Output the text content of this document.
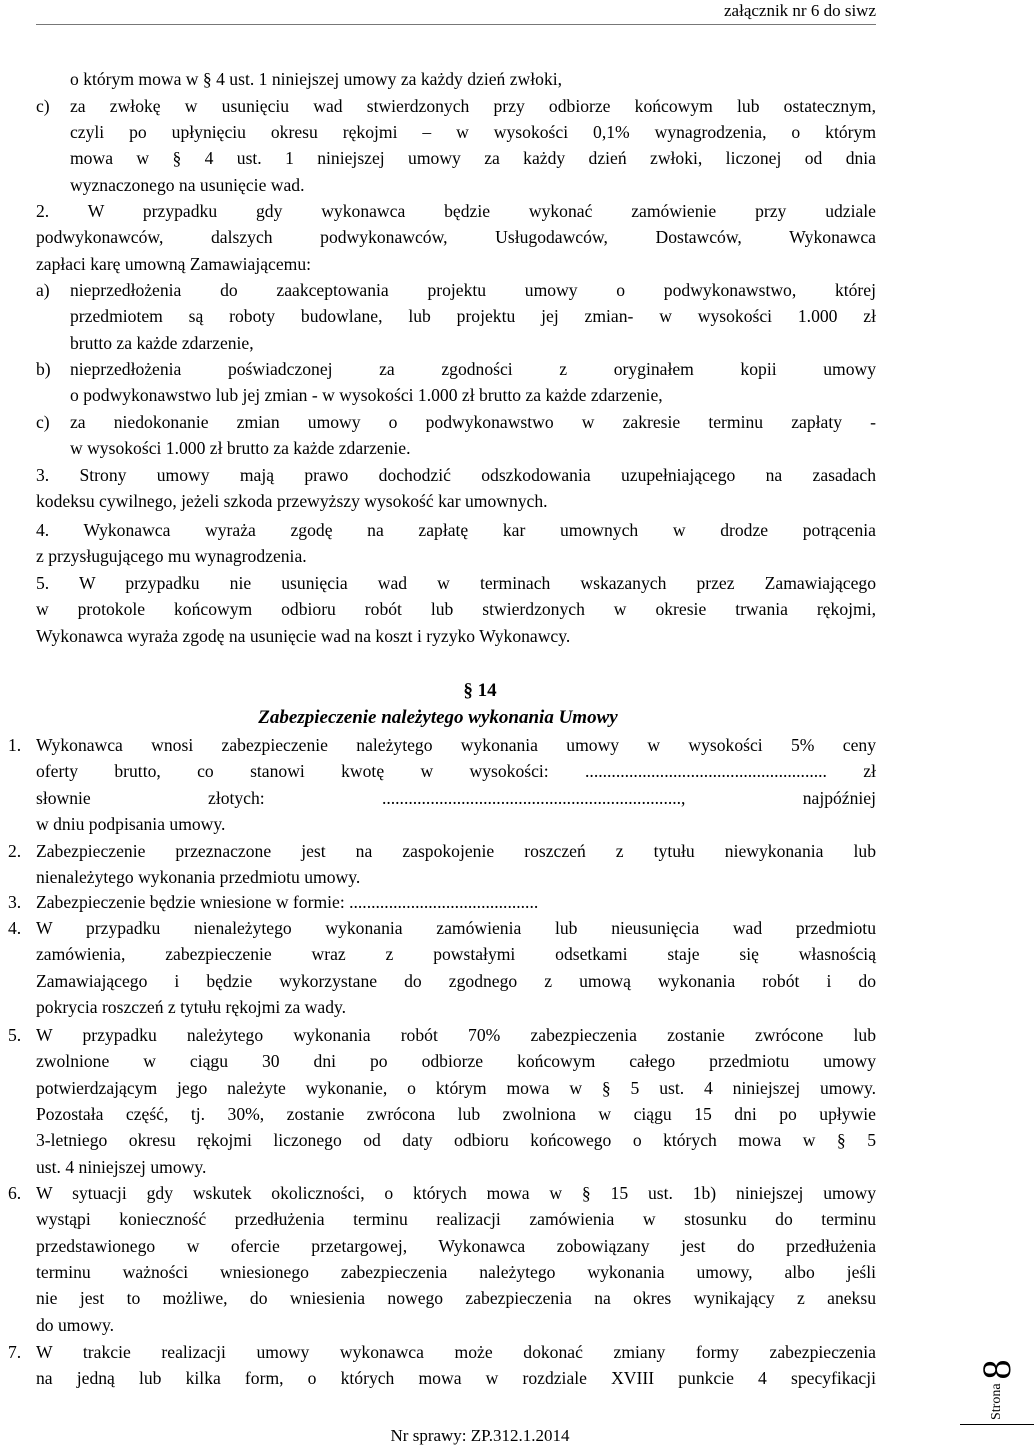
załącznik nr 6 do siwz
o którym mowa w § 4 ust. 1 niniejszej umowy za każdy dzień zwłoki,
c) za zwłokę w usunięciu wad stwierdzonych przy odbiorze końcowym lub ostatecznym,
czyli po upłynięciu okresu rękojmi – w wysokości 0,1% wynagrodzenia, o którym
mowa w § 4 ust. 1 niniejszej umowy za każdy dzień zwłoki, liczonej od dnia
wyznaczonego na usunięcie wad.
2. W przypadku gdy wykonawca będzie wykonać zamówienie przy udziale
podwykonawców, dalszych podwykonawców, Usługodawców, Dostawców, Wykonawca
zapłaci karę umowną Zamawiającemu:
a) nieprzedłożenia do zaakceptowania projektu umowy o podwykonawstwo, której
przedmiotem są roboty budowlane, lub projektu jej zmian- w wysokości 1.000 zł
brutto za każde zdarzenie,
b) nieprzedłożenia poświadczonej za zgodności z oryginałem kopii umowy
o podwykonawstwo lub jej zmian - w wysokości 1.000 zł brutto za każde zdarzenie,
c) za niedokonanie zmian umowy o podwykonawstwo w zakresie terminu zapłaty -
w wysokości 1.000 zł brutto za każde zdarzenie.
3. Strony umowy mają prawo dochodzić odszkodowania uzupełniającego na zasadach
kodeksu cywilnego, jeżeli szkoda przewyższy wysokość kar umownych.
4. Wykonawca wyraża zgodę na zapłatę kar umownych w drodze potrącenia
z przysługującego mu wynagrodzenia.
5. W przypadku nie usunięcia wad w terminach wskazanych przez Zamawiającego
w protokole końcowym odbioru robót lub stwierdzonych w okresie trwania rękojmi,
Wykonawca wyraża zgodę na usunięcie wad na koszt i ryzyko Wykonawcy.
1. Wykonawca wnosi zabezpieczenie należytego wykonania umowy w wysokości 5% ceny
oferty brutto, co stanowi kwotę w wysokości: ....................................................... zł
słownie złotych: ...................................................................., najpóźniej
w dniu podpisania umowy.
2. Zabezpieczenie przeznaczone jest na zaspokojenie roszczeń z tytułu niewykonania lub
nienależytego wykonania przedmiotu umowy.
3. Zabezpieczenie będzie wniesione w formie: ...........................................
4. W przypadku nienależytego wykonania zamówienia lub nieusunięcia wad przedmiotu
zamówienia, zabezpieczenie wraz z powstałymi odsetkami staje się własnością
Zamawiającego i będzie wykorzystane do zgodnego z umową wykonania robót i do
pokrycia roszczeń z tytułu rękojmi za wady.
5. W przypadku należytego wykonania robót 70% zabezpieczenia zostanie zwrócone lub
zwolnione w ciągu 30 dni po odbiorze końcowym całego przedmiotu umowy
potwierdzającym jego należyte wykonanie, o którym mowa w § 5 ust. 4 niniejszej umowy.
Pozostała część, tj. 30%, zostanie zwrócona lub zwolniona w ciągu 15 dni po upływie
3-letniego okresu rękojmi liczonego od daty odbioru końcowego o których mowa w § 5
ust. 4 niniejszej umowy.
6. W sytuacji gdy wskutek okoliczności, o których mowa w § 15 ust. 1b) niniejszej umowy
wystąpi konieczność przedłużenia terminu realizacji zamówienia w stosunku do terminu
przedstawionego w ofercie przetargowej, Wykonawca zobowiązany jest do przedłużenia
terminu ważności wniesionego zabezpieczenia należytego wykonania umowy, albo jeśli
nie jest to możliwe, do wniesienia nowego zabezpieczenia na okres wynikający z aneksu
do umowy.
7. W trakcie realizacji umowy wykonawca może dokonać zmiany formy zabezpieczenia
na jedną lub kilka form, o których mowa w rozdziale XVIII punkcie 4 specyfikacji
§ 14
Zabezpieczenie należytego wykonania Umowy
Nr sprawy: ZP.312.1.2014
Strona
8
